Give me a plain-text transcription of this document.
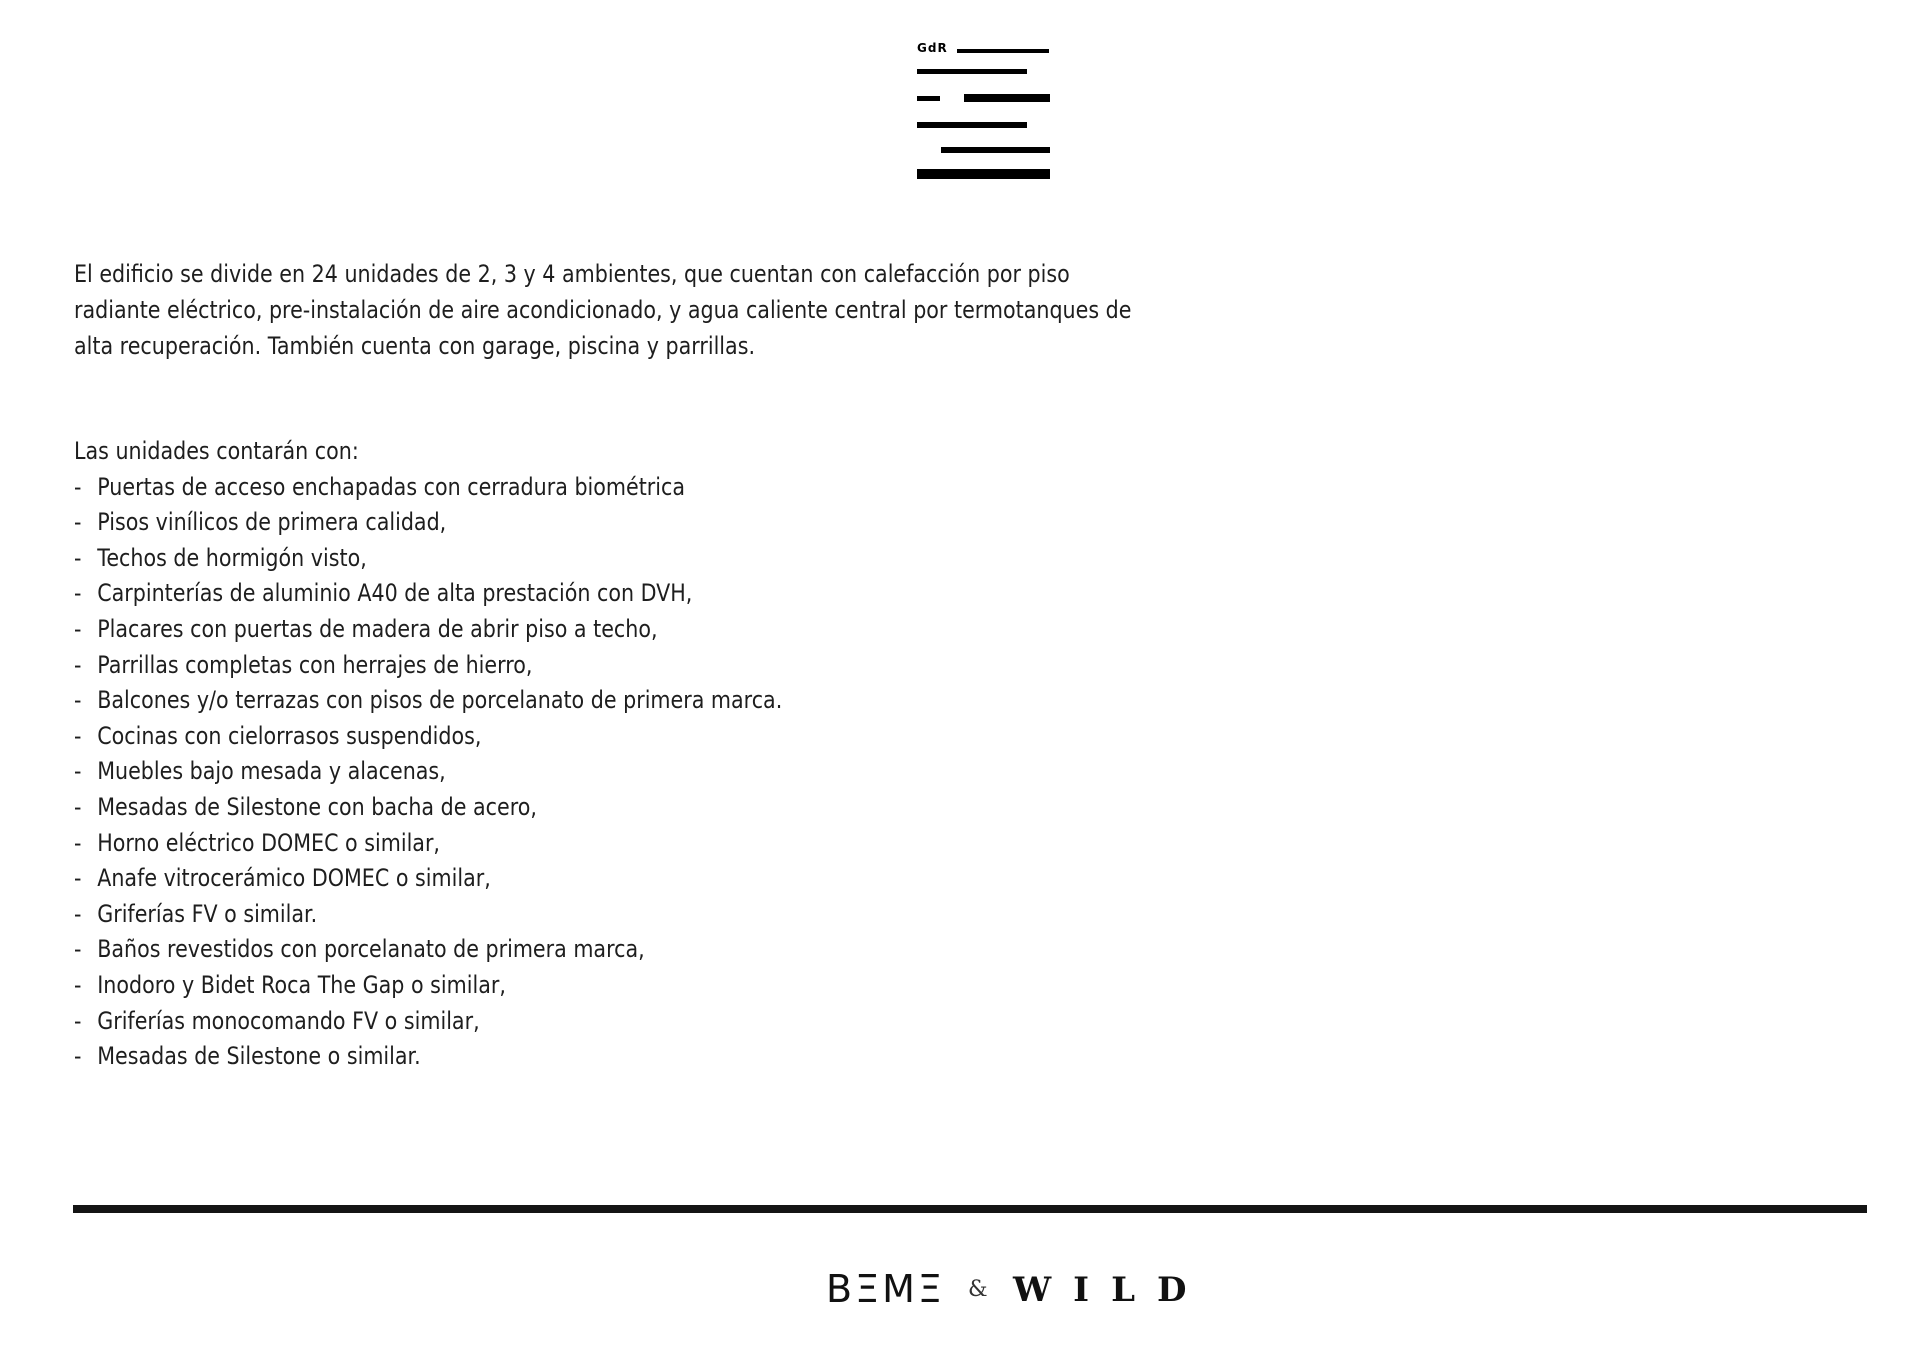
GdR

El edificio se divide en 24 unidades de 2, 3 y 4 ambientes, que cuentan con calefacción por piso radiante eléctrico, pre-instalación de aire acondicionado, y agua caliente central por termotanques de alta recuperación. También cuenta con garage, piscina y parrillas.

Las unidades contarán con:

- Puertas de acceso enchapadas con cerradura biométrica
- Pisos vinílicos de primera calidad,
- Techos de hormigón visto,
- Carpinterías de aluminio A40 de alta prestación con DVH,
- Placares con puertas de madera de abrir piso a techo,
- Parrillas completas con herrajes de hierro,
- Balcones y/o terrazas con pisos de porcelanato de primera marca.
- Cocinas con cielorrasos suspendidos,
- Muebles bajo mesada y alacenas,
- Mesadas de Silestone con bacha de acero,
- Horno eléctrico DOMEC o similar,
- Anafe vitrocerámico DOMEC o similar,
- Griferías FV o similar.
- Baños revestidos con porcelanato de primera marca,
- Inodoro y Bidet Roca The Gap o similar,
- Griferías monocomando FV o similar,
- Mesadas de Silestone o similar.
BΞMΞ & WILD
